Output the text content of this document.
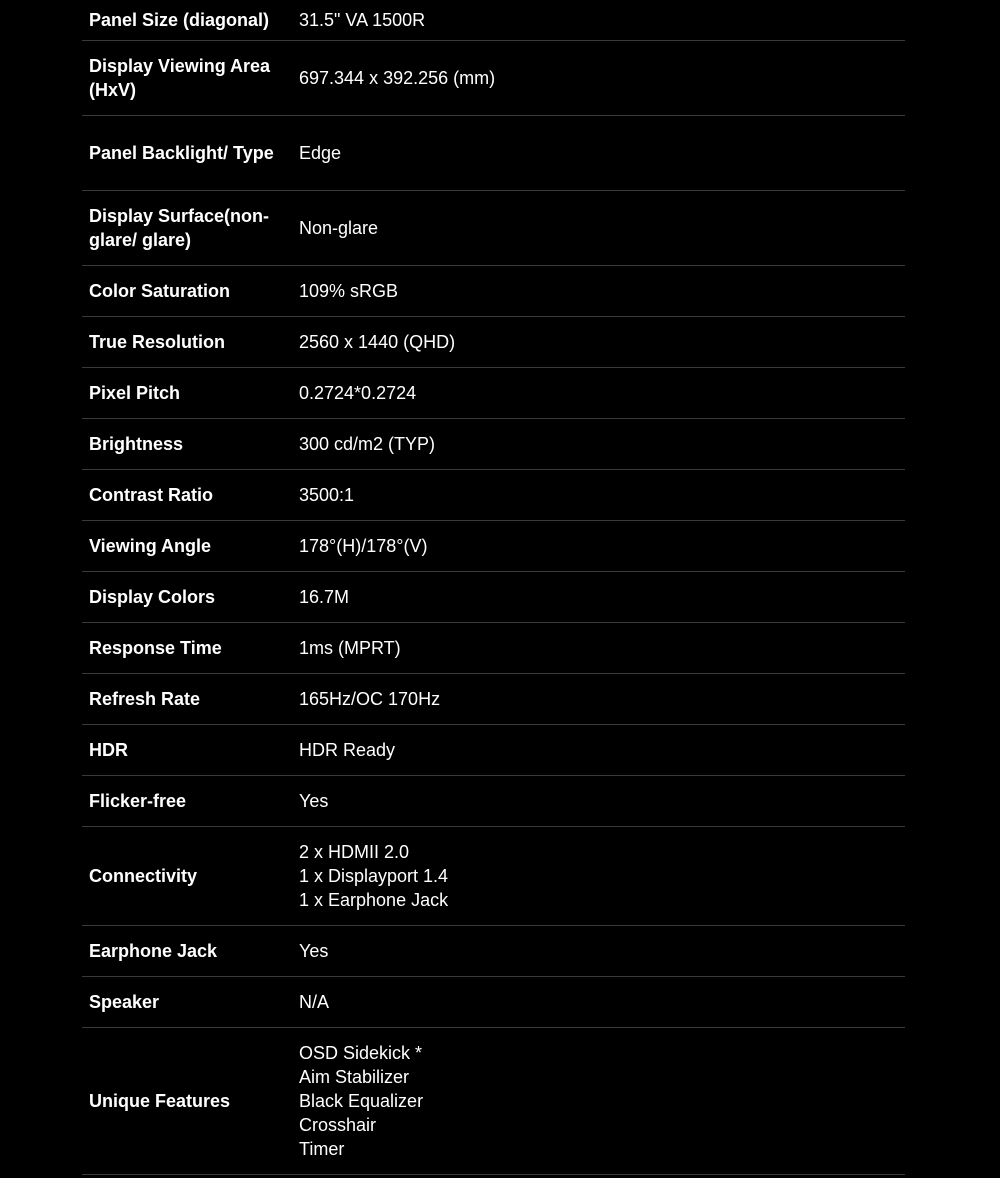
Panel Size (diagonal)	31.5" VA 1500R

Display Viewing Area (HxV)	697.344 x 392.256 (mm)

Panel Backlight/ Type	Edge

Display Surface(non-glare/ glare)	Non-glare

Color Saturation	109% sRGB

True Resolution	2560 x 1440 (QHD)

Pixel Pitch	0.2724*0.2724

Brightness	300 cd/m2 (TYP)

Contrast Ratio	3500:1

Viewing Angle	178°(H)/178°(V)

Display Colors	16.7M

Response Time	1ms (MPRT)

Refresh Rate	165Hz/OC 170Hz

HDR	HDR Ready

Flicker-free	Yes

Connectivity	2 x HDMII 2.0
1 x Displayport 1.4
1 x Earphone Jack

Earphone Jack	Yes

Speaker	N/A

Unique Features	OSD Sidekick *
Aim Stabilizer
Black Equalizer
Crosshair
Timer
